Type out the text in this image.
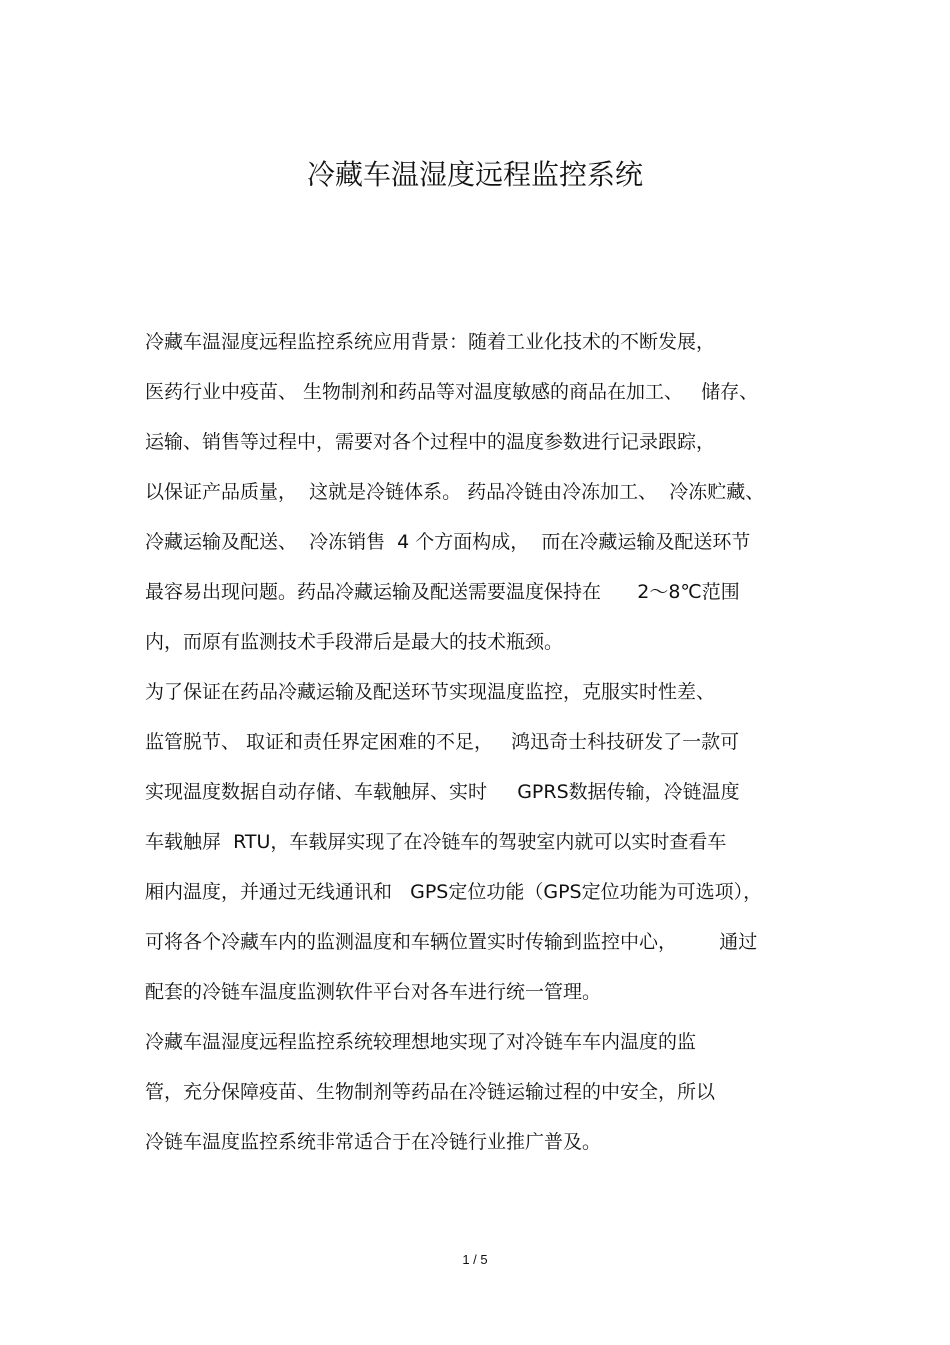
冷藏车温湿度远程监控系统

冷藏车温湿度远程监控系统应用背景：随着工业化技术的不断发展，

医药行业中疫苗、 生物制剂和药品等对温度敏感的商品在加工、   储存、

运输、销售等过程中，需要对各个过程中的温度参数进行记录跟踪，

以保证产品质量，  这就是冷链体系。 药品冷链由冷冻加工、  冷冻贮藏、

冷藏运输及配送、  冷冻销售  4 个方面构成，  而在冷藏运输及配送环节

最容易出现问题。药品冷藏运输及配送需要温度保持在      2～8℃范围

内，而原有监测技术手段滞后是最大的技术瓶颈。

为了保证在药品冷藏运输及配送环节实现温度监控，克服实时性差、

监管脱节、 取证和责任界定困难的不足，   鸿迅奇士科技研发了一款可

实现温度数据自动存储、车载触屏、实时     GPRS数据传输，冷链温度

车载触屏  RTU，车载屏实现了在冷链车的驾驶室内就可以实时查看车

厢内温度，并通过无线通讯和   GPS定位功能（GPS定位功能为可选项），

可将各个冷藏车内的监测温度和车辆位置实时传输到监控中心，       通过

配套的冷链车温度监测软件平台对各车进行统一管理。

冷藏车温湿度远程监控系统较理想地实现了对冷链车车内温度的监

管，充分保障疫苗、生物制剂等药品在冷链运输过程的中安全，所以

冷链车温度监控系统非常适合于在冷链行业推广普及。

1 / 5
